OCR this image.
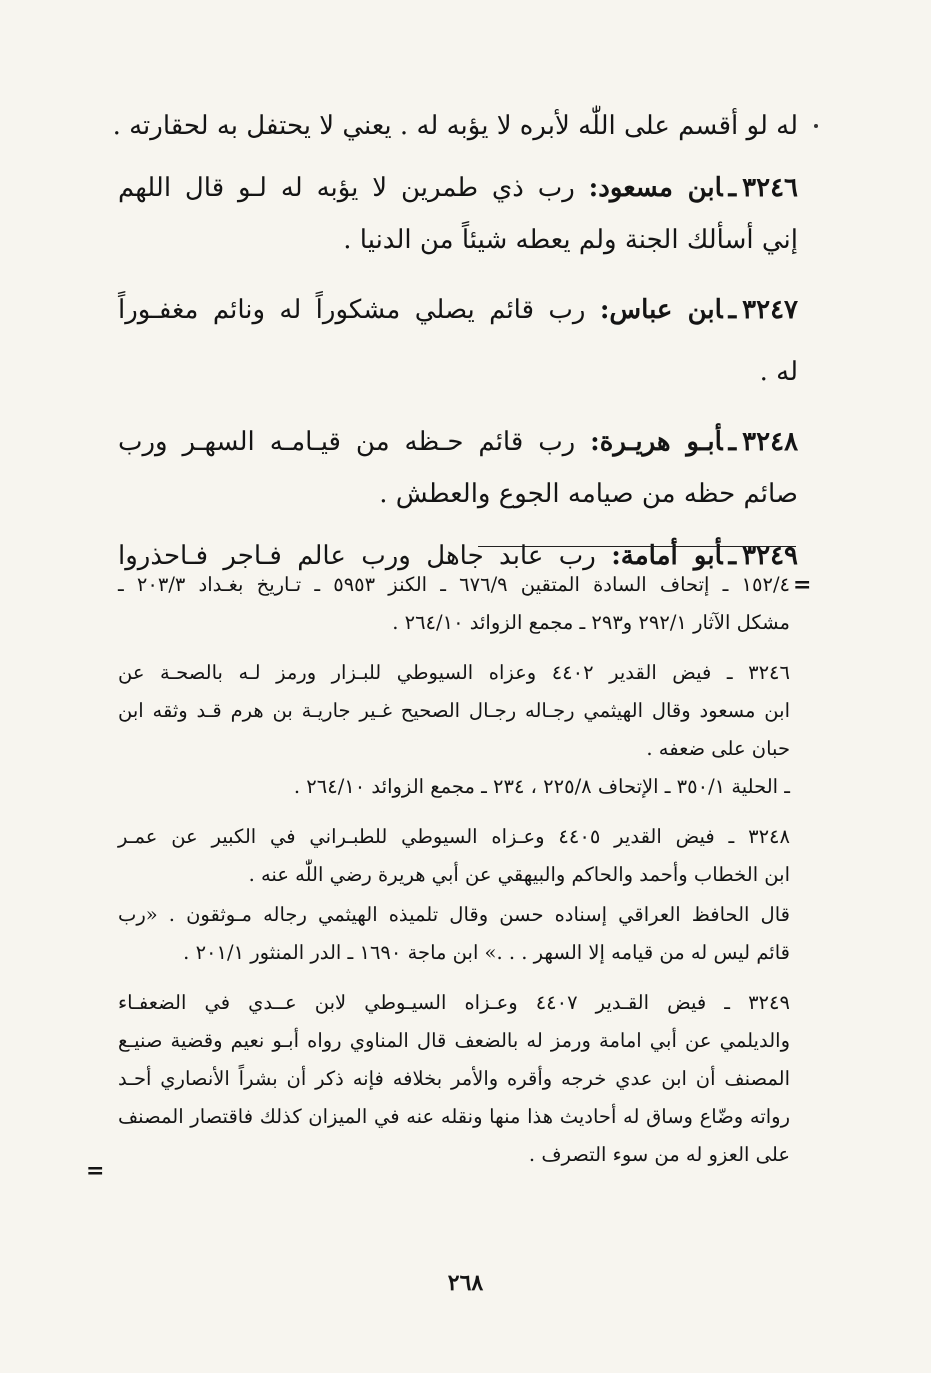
له لو أقسم على اللّٰه لأبره لا يؤبه له . يعني لا يحتفل به لحقارته .
٣٢٤٦ـابن مسعود: رب ذي طمرين لا يؤبه له لـو قال اللهم
إني أسألك الجنة ولم يعطه شيئاً من الدنيا .
٣٢٤٧ـابن عباس: رب قائم يصلي مشكوراً له ونائم مغفـوراً
له .
٣٢٤٨ـأبـو هريـرة: رب قائم حـظه من قيـامـه السهـر ورب
صائم حظه من صيامه الجوع والعطش .
٣٢٤٩ـأبو أمامة: رب عابد جاهل ورب عالم فـاجر فـاحذروا
=
١٥٢/٤ ـ إتحاف السادة المتقين ٦٧٦/٩ ـ الكنز ٥٩٥٣ ـ تـاريخ بغـداد ٢٠٣/٣ ـ
مشكل الآثار ٢٩٢/١ و٢٩٣ ـ مجمع الزوائد ٢٦٤/١٠ .
٣٢٤٦ ـ فيض القدير ٤٤٠٢ وعزاه السيوطي للبـزار ورمز لـه بالصحـة عن
ابن مسعود وقال الهيثمي رجـاله رجـال الصحيح غـير جاريـة بن هرم قـد وثقه ابن
حبان على ضعفه .
ـ الحلية ٣٥٠/١ ـ الإتحاف ٢٢٥/٨ ، ٢٣٤ ـ مجمع الزوائد ٢٦٤/١٠ .
٣٢٤٨ ـ فيض القدير ٤٤٠٥ وعـزاه السيوطي للطبـراني في الكبير عن عمـر
ابن الخطاب وأحمد والحاكم والبيهقي عن أبي هريرة رضي اللّٰه عنه .
قال الحافظ العراقي إسناده حسن وقال تلميذه الهيثمي رجاله مـوثقون . «رب
قائم ليس له من قيامه إلا السهر . . .» ابن ماجة ١٦٩٠ ـ الدر المنثور ٢٠١/١ .
٣٢٤٩ ـ فيض القـدير ٤٤٠٧ وعـزاه السيـوطي لابن عــدي في الضعفـاء
والديلمي عن أبي امامة ورمز له بالضعف قال المناوي رواه أبـو نعيم وقضية صنيـع
المصنف أن ابن عدي خرجه وأقره والأمر بخلافه فإنه ذكر أن بشراً الأنصاري أحـد
رواته وضّاع وساق له أحاديث هذا منها ونقله عنه في الميزان كذلك فاقتصار المصنف
على العزو له من سوء التصرف .
=
٢٦٨
